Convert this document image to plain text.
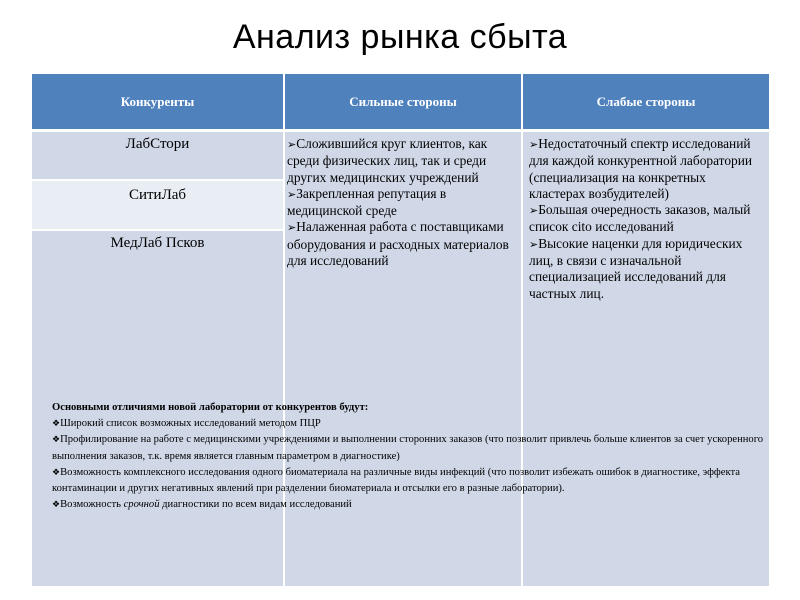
Анализ рынка сбыта
Конкуренты	Сильные стороны	Слабые стороны
ЛабСтори
СитиЛаб
МедЛаб Псков
➢Сложившийся круг клиентов, как среди физических лиц, так и среди других медицинских учреждений
➢Закрепленная репутация в медицинской среде
➢Налаженная работа с поставщиками оборудования и расходных материалов для исследований
➢Недостаточный спектр исследований для каждой конкурентной лаборатории (специализация на конкретных кластерах возбудителей)
➢Большая очередность заказов, малый список cito исследований
➢Высокие наценки для юридических лиц, в связи с изначальной специализацией исследований для частных лиц.
Основными отличиями новой лаборатории от конкурентов будут:
❖Широкий список возможных исследований методом ПЦР
❖Профилирование на работе с медицинскими учреждениями и выполнении сторонних заказов (что позволит привлечь больше клиентов за счет ускоренного выполнения заказов, т.к. время является главным параметром в диагностике)
❖Возможность комплексного исследования одного биоматериала на различные виды инфекций (что позволит избежать ошибок в диагностике, эффекта контаминации и других негативных явлений при разделении биоматериала и отсылки его в разные лаборатории).
❖Возможность срочной диагностики по всем видам исследований
